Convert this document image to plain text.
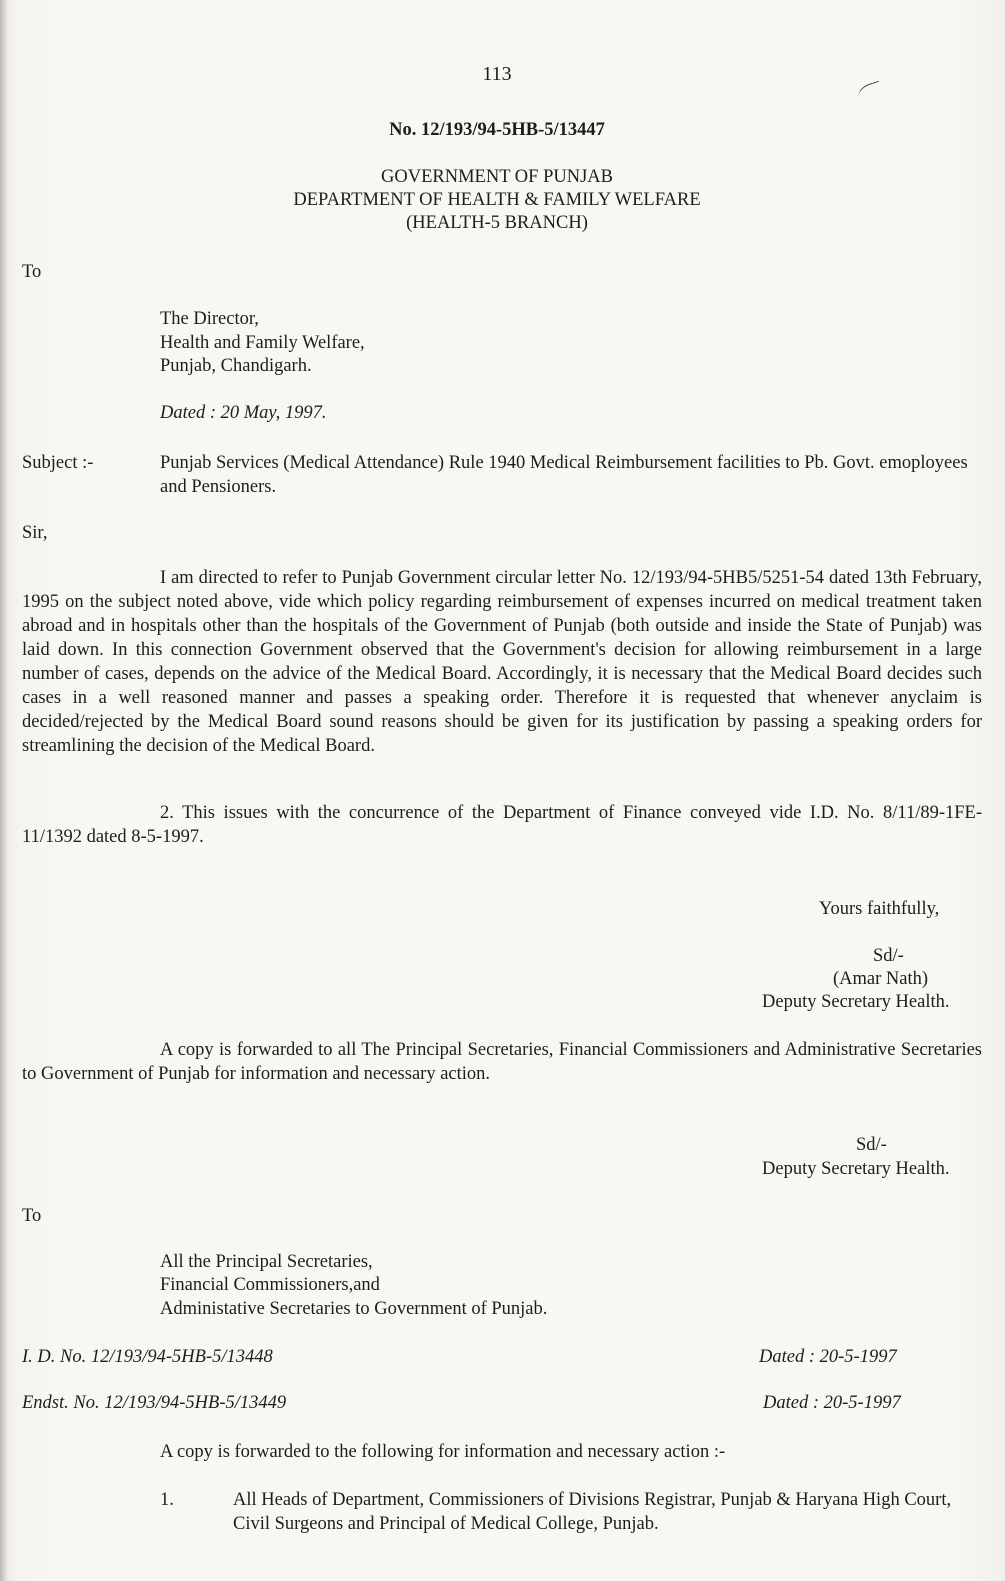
113

No. 12/193/94-5HB-5/13447

GOVERNMENT OF PUNJAB

DEPARTMENT OF HEALTH & FAMILY WELFARE

(HEALTH-5 BRANCH)

To

The Director,

Health and Family Welfare,

Punjab, Chandigarh.

Dated : 20 May, 1997.

Subject :-	Punjab Services (Medical Attendance) Rule 1940 Medical Reimbursement facilities to Pb. Govt. emoployees and Pensioners.

Sir,

I am directed to refer to Punjab Government circular letter No. 12/193/94-5HB5/5251-54 dated 13th February, 1995 on the subject noted above, vide which policy regarding reimbursement of expenses incurred on medical treatment taken abroad and in hospitals other than the hospitals of the Government of Punjab (both outside and inside the State of Punjab) was laid down. In this connection Government observed that the Government's decision for allowing reimbursement in a large number of cases, depends on the advice of the Medical Board. Accordingly, it is necessary that the Medical Board decides such cases in a well reasoned manner and passes a speaking order. Therefore it is requested that whenever anyclaim is decided/rejected by the Medical Board sound reasons should be given for its justification by passing a speaking orders for streamlining the decision of the Medical Board.

2. This issues with the concurrence of the Department of Finance conveyed vide I.D. No. 8/11/89-1FE-11/1392 dated 8-5-1997.

Yours faithfully,

Sd/-

(Amar Nath)

Deputy Secretary Health.

A copy is forwarded to all The Principal Secretaries, Financial Commissioners and Administrative Secretaries to Government of Punjab for information and necessary action.

Sd/-

Deputy Secretary Health.

To

All the Principal Secretaries,

Financial Commissioners,and

Administative Secretaries to Government of Punjab.

I. D. No. 12/193/94-5HB-5/13448	Dated : 20-5-1997

Endst. No. 12/193/94-5HB-5/13449	Dated : 20-5-1997

A copy is forwarded to the following for information and necessary action :-

1.	All Heads of Department, Commissioners of Divisions Registrar, Punjab & Haryana High Court, Civil Surgeons and Principal of Medical College, Punjab.
